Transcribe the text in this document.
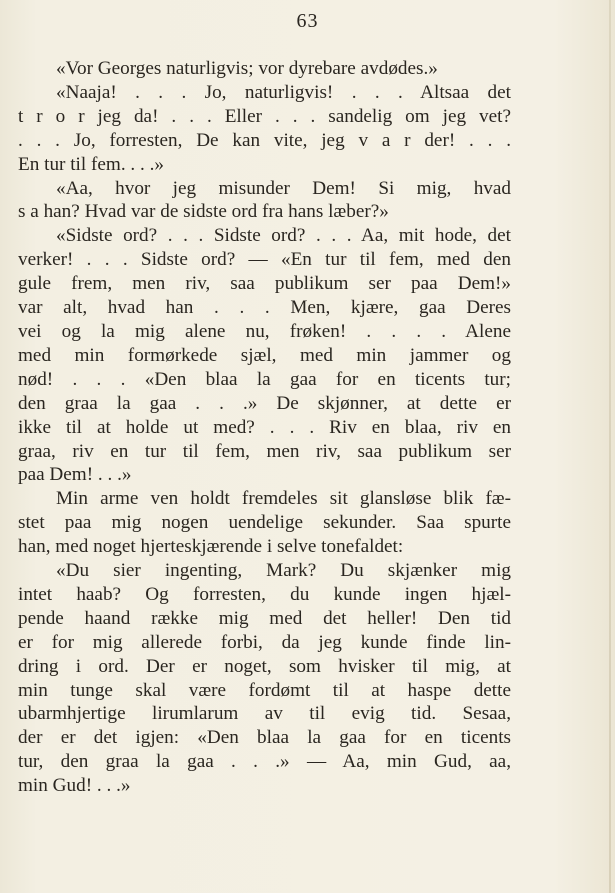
63
«Vor Georges naturligvis; vor dyrebare avdødes.»
«Naaja! . . . Jo, naturligvis! . . . Altsaa det
t r o r jeg da! . . . Eller . . . sandelig om jeg vet?
. . . Jo, forresten, De kan vite, jeg v a r der! . . .
En tur til fem. . . .»
«Aa, hvor jeg misunder Dem! Si mig, hvad
s a han? Hvad var de sidste ord fra hans læber?»
«Sidste ord? . . . Sidste ord? . . . Aa, mit hode, det
verker! . . . Sidste ord? — «En tur til fem, med den
gule frem, men riv, saa publikum ser paa Dem!»
var alt, hvad han . . . Men, kjære, gaa Deres
vei og la mig alene nu, frøken! . . . . Alene
med min formørkede sjæl, med min jammer og
nød! . . . «Den blaa la gaa for en ticents tur;
den graa la gaa . . .» De skjønner, at dette er
ikke til at holde ut med? . . . Riv en blaa, riv en
graa, riv en tur til fem, men riv, saa publikum ser
paa Dem! . . .»
Min arme ven holdt fremdeles sit glansløse blik fæ-
stet paa mig nogen uendelige sekunder. Saa spurte
han, med noget hjerteskjærende i selve tonefaldet:
«Du sier ingenting, Mark? Du skjænker mig
intet haab? Og forresten, du kunde ingen hjæl-
pende haand række mig med det heller! Den tid
er for mig allerede forbi, da jeg kunde finde lin-
dring i ord. Der er noget, som hvisker til mig, at
min tunge skal være fordømt til at haspe dette
ubarmhjertige lirumlarum av til evig tid. Sesaa,
der er det igjen: «Den blaa la gaa for en ticents
tur, den graa la gaa . . .» — Aa, min Gud, aa,
min Gud! . . .»
